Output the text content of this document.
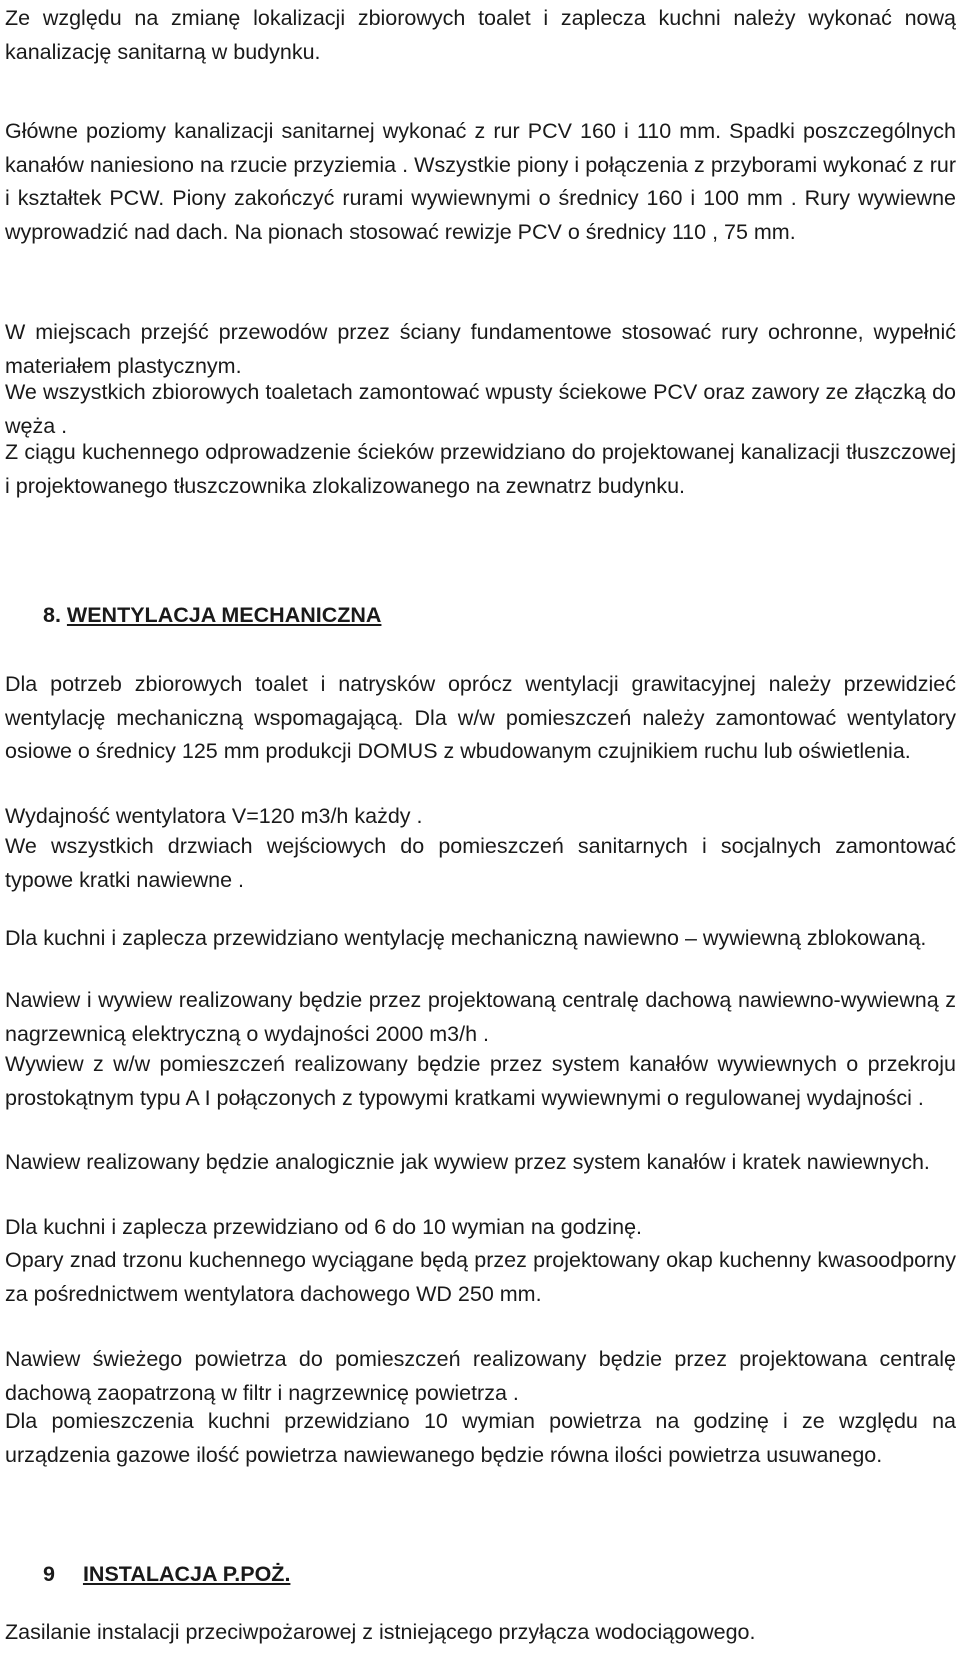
Ze względu na zmianę lokalizacji zbiorowych toalet i zaplecza kuchni należy wykonać nową kanalizację sanitarną w budynku.

Główne poziomy kanalizacji sanitarnej wykonać z rur PCV 160 i 110 mm. Spadki poszczególnych kanałów naniesiono na rzucie przyziemia . Wszystkie piony i połączenia z przyborami wykonać z rur i kształtek PCW. Piony zakończyć rurami wywiewnymi o średnicy 160 i 100 mm . Rury wywiewne wyprowadzić nad dach. Na pionach stosować rewizje PCV o średnicy 110 , 75 mm.

W miejscach przejść przewodów przez ściany fundamentowe stosować rury ochronne, wypełnić materiałem plastycznym.

We wszystkich zbiorowych toaletach zamontować wpusty ściekowe PCV oraz zawory ze złączką do węża .

Z ciągu kuchennego odprowadzenie ścieków przewidziano do projektowanej kanalizacji tłuszczowej i projektowanego tłuszczownika zlokalizowanego na zewnatrz budynku.

8. WENTYLACJA MECHANICZNA

Dla potrzeb zbiorowych toalet i natrysków oprócz wentylacji grawitacyjnej należy przewidzieć wentylację mechaniczną wspomagającą. Dla w/w pomieszczeń należy zamontować wentylatory osiowe o średnicy 125 mm produkcji DOMUS z wbudowanym czujnikiem ruchu lub oświetlenia.

Wydajność wentylatora V=120 m3/h każdy .

We wszystkich drzwiach wejściowych do pomieszczeń sanitarnych i socjalnych zamontować typowe kratki nawiewne .

Dla kuchni i zaplecza przewidziano wentylację mechaniczną nawiewno – wywiewną zblokowaną.

Nawiew i wywiew realizowany będzie przez projektowaną centralę dachową nawiewno-wywiewną z nagrzewnicą elektryczną o wydajności 2000 m3/h .

Wywiew z w/w pomieszczeń realizowany będzie przez system kanałów wywiewnych o przekroju prostokątnym typu A I połączonych z typowymi kratkami wywiewnymi o regulowanej wydajności .

Nawiew realizowany będzie analogicznie jak wywiew przez system kanałów i kratek nawiewnych.

Dla kuchni i zaplecza przewidziano od 6 do 10 wymian na godzinę.

Opary znad trzonu kuchennego wyciągane będą przez projektowany okap kuchenny kwasoodporny za pośrednictwem wentylatora dachowego WD 250 mm.

Nawiew świeżego powietrza do pomieszczeń realizowany będzie przez projektowana centralę dachową zaopatrzoną w filtr i nagrzewnicę powietrza .

Dla pomieszczenia kuchni przewidziano 10 wymian powietrza na godzinę i ze względu na urządzenia gazowe ilość powietrza nawiewanego będzie równa ilości powietrza usuwanego.

9 INSTALACJA P.POŻ.

Zasilanie instalacji przeciwpożarowej z istniejącego przyłącza wodociągowego.
